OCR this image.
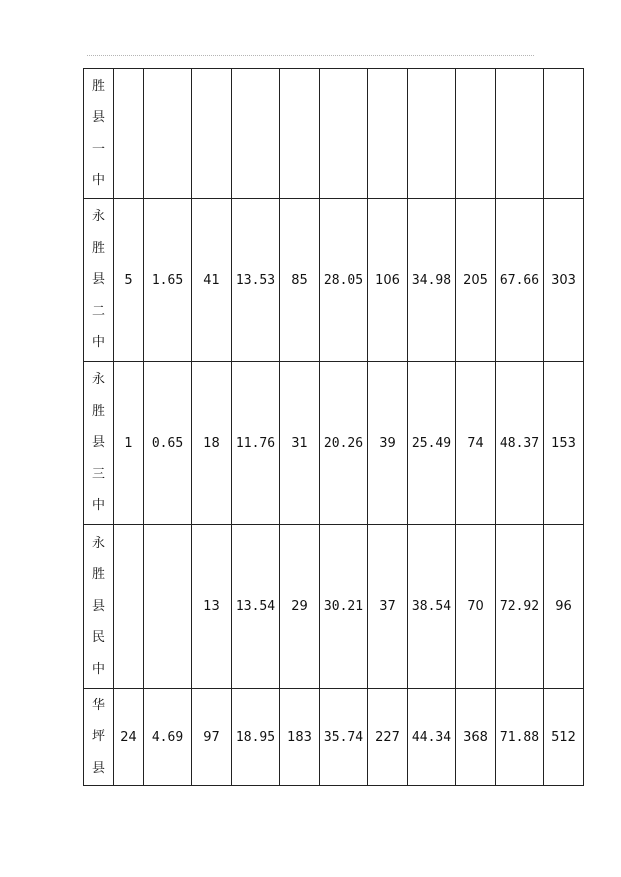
胜
县
一
中											

永
胜
县
二
中	5	1.65	41	13.53	85	28.05	106	34.98	205	67.66	303

永
胜
县
三
中	1	0.65	18	11.76	31	20.26	39	25.49	74	48.37	153

永
胜
县
民
中			13	13.54	29	30.21	37	38.54	70	72.92	96

华
坪
县	24	4.69	97	18.95	183	35.74	227	44.34	368	71.88	512
